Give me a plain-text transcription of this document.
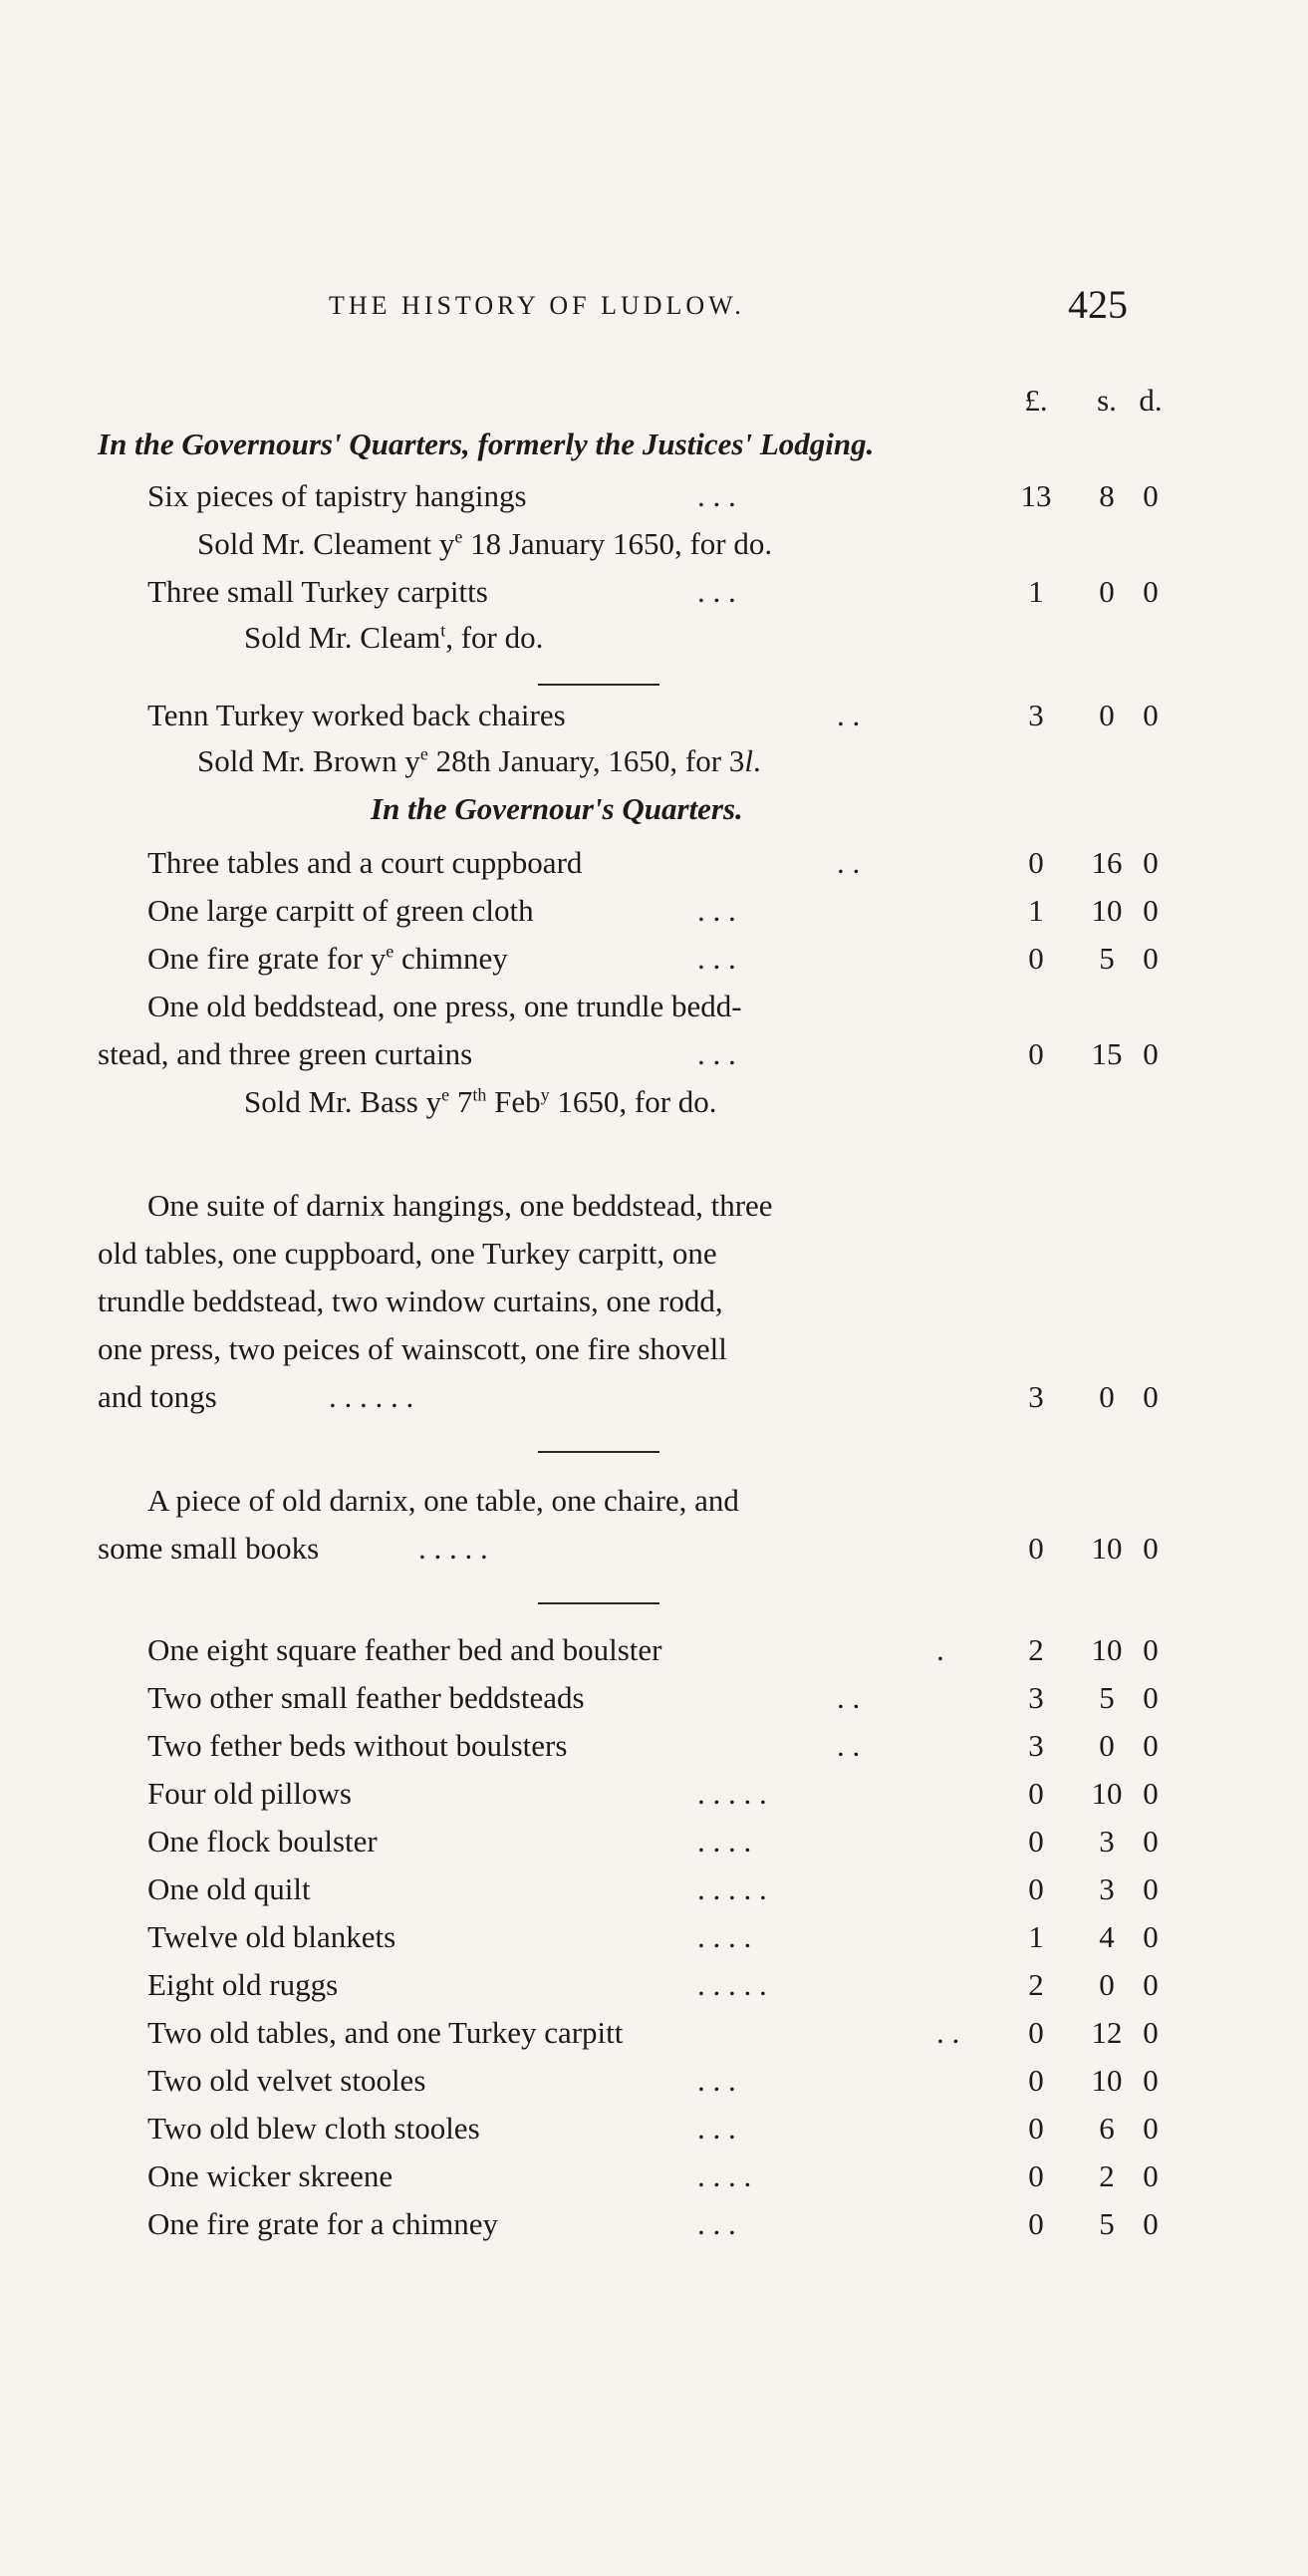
THE HISTORY OF LUDLOW.	425
£.	s. d.
In the Governours' Quarters, formerly the Justices' Lodging.
Six pieces of tapistry hangings	. . .	13	8 0
Sold Mr. Cleament $y^e$ 18 January 1650, for do.
Three small Turkey carpitts	. . .	1	0 0
Sold Mr. Cleam$^t$, for do.
Tenn Turkey worked back chaires	. .	3	0 0
Sold Mr. Brown $y^e$ 28th January, 1650, for 3l.
In the Governour's Quarters.
Three tables and a court cuppboard	. .	0	16 0
One large carpitt of green cloth	. . .	1	10 0
One fire grate for $y^e$ chimney	. . .	0	5 0
One old beddstead, one press, one trundle bedd-
stead, and three green curtains	. . .	0	15 0
Sold Mr. Bass $y^e$ 7th Feb$^y$ 1650, for do.
One suite of darnix hangings, one beddstead, three
old tables, one cuppboard, one Turkey carpitt, one
trundle beddstead, two window curtains, one rodd,
one press, two peices of wainscott, one fire shovell
and tongs	. . . . . .	3	0 0
A piece of old darnix, one table, one chaire, and
some small books	. . . . .	0	10 0
One eight square feather bed and boulster	.	2	10 0
Two other small feather beddsteads	. .	3	5 0
Two fether beds without boulsters	. .	3	0 0
Four old pillows	. . . . .	0	10 0
One flock boulster	. . . .	0	3 0
One old quilt	. . . . .	0	3 0
Twelve old blankets	. . . .	1	4 0
Eight old ruggs	. . . . .	2	0 0
Two old tables, and one Turkey carpitt	. .	0	12 0
Two old velvet stooles	. . .	0	10 0
Two old blew cloth stooles	. . .	0	6 0
One wicker skreene	. . . .	0	2 0
One fire grate for a chimney	. . .	0	5 0
